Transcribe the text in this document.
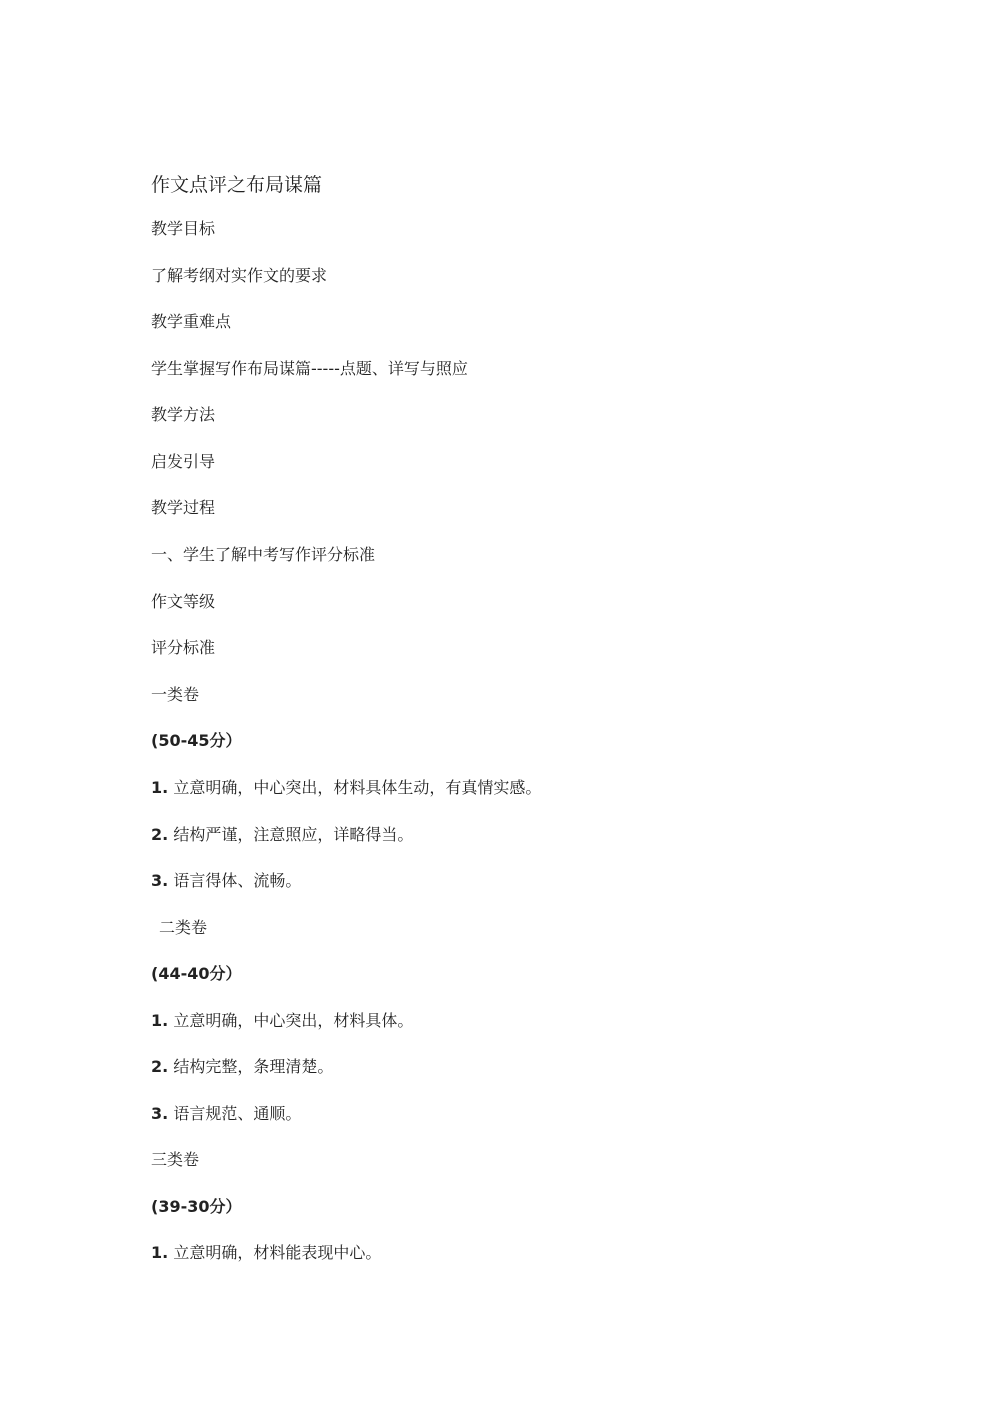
作文点评之布局谋篇
教学目标
了解考纲对实作文的要求
教学重难点
学生掌握写作布局谋篇-----点题、详写与照应
教学方法
启发引导
教学过程
一、学生了解中考写作评分标准
作文等级
评分标准
一类卷
(50-45分）
1. 立意明确，中心突出，材料具体生动，有真情实感。
2. 结构严谨，注意照应，详略得当。
3. 语言得体、流畅。
二类卷
(44-40分）
1. 立意明确，中心突出，材料具体。
2. 结构完整，条理清楚。
3. 语言规范、通顺。
三类卷
(39-30分）
1. 立意明确，材料能表现中心。
